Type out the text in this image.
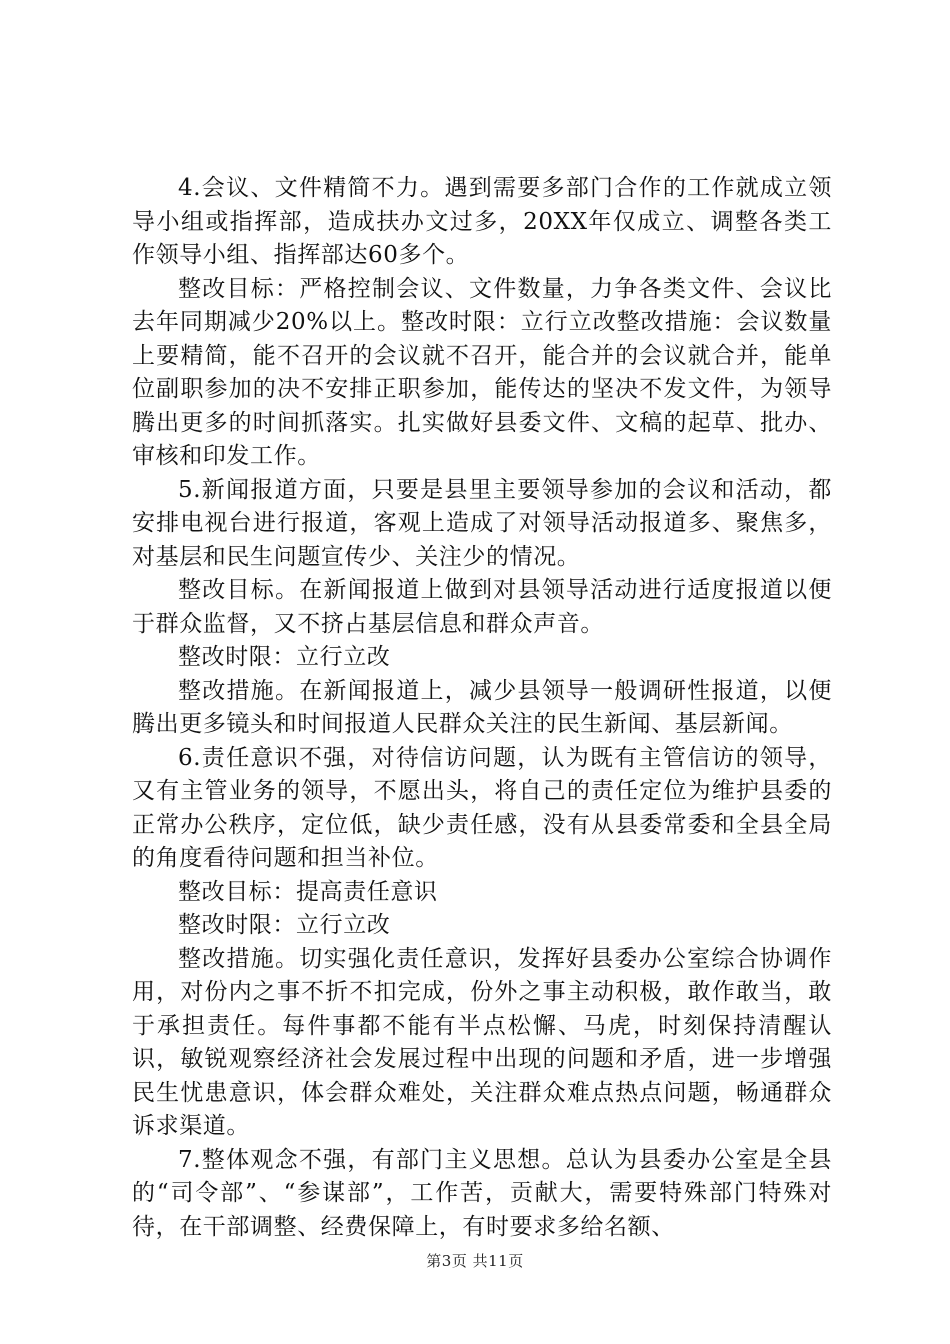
4.会议、文件精简不力。遇到需要多部门合作的工作就成立领导小组或指挥部，造成扶办文过多，20XX年仅成立、调整各类工作领导小组、指挥部达60多个。

整改目标：严格控制会议、文件数量，力争各类文件、会议比去年同期减少20%以上。整改时限：立行立改整改措施：会议数量上要精简，能不召开的会议就不召开，能合并的会议就合并，能单位副职参加的决不安排正职参加，能传达的坚决不发文件，为领导腾出更多的时间抓落实。扎实做好县委文件、文稿的起草、批办、审核和印发工作。

5.新闻报道方面，只要是县里主要领导参加的会议和活动，都安排电视台进行报道，客观上造成了对领导活动报道多、聚焦多，对基层和民生问题宣传少、关注少的情况。

整改目标。在新闻报道上做到对县领导活动进行适度报道以便于群众监督，又不挤占基层信息和群众声音。

整改时限：立行立改

整改措施。在新闻报道上，减少县领导一般调研性报道，以便腾出更多镜头和时间报道人民群众关注的民生新闻、基层新闻。

6.责任意识不强，对待信访问题，认为既有主管信访的领导，又有主管业务的领导，不愿出头，将自己的责任定位为维护县委的正常办公秩序，定位低，缺少责任感，没有从县委常委和全县全局的角度看待问题和担当补位。

整改目标：提高责任意识

整改时限：立行立改

整改措施。切实强化责任意识，发挥好县委办公室综合协调作用，对份内之事不折不扣完成，份外之事主动积极，敢作敢当，敢于承担责任。每件事都不能有半点松懈、马虎，时刻保持清醒认识，敏锐观察经济社会发展过程中出现的问题和矛盾，进一步增强民生忧患意识，体会群众难处，关注群众难点热点问题，畅通群众诉求渠道。

7.整体观念不强，有部门主义思想。总认为县委办公室是全县的“司令部”、“参谋部”，工作苦，贡献大，需要特殊部门特殊对待，在干部调整、经费保障上，有时要求多给名额、

第3页 共11页
